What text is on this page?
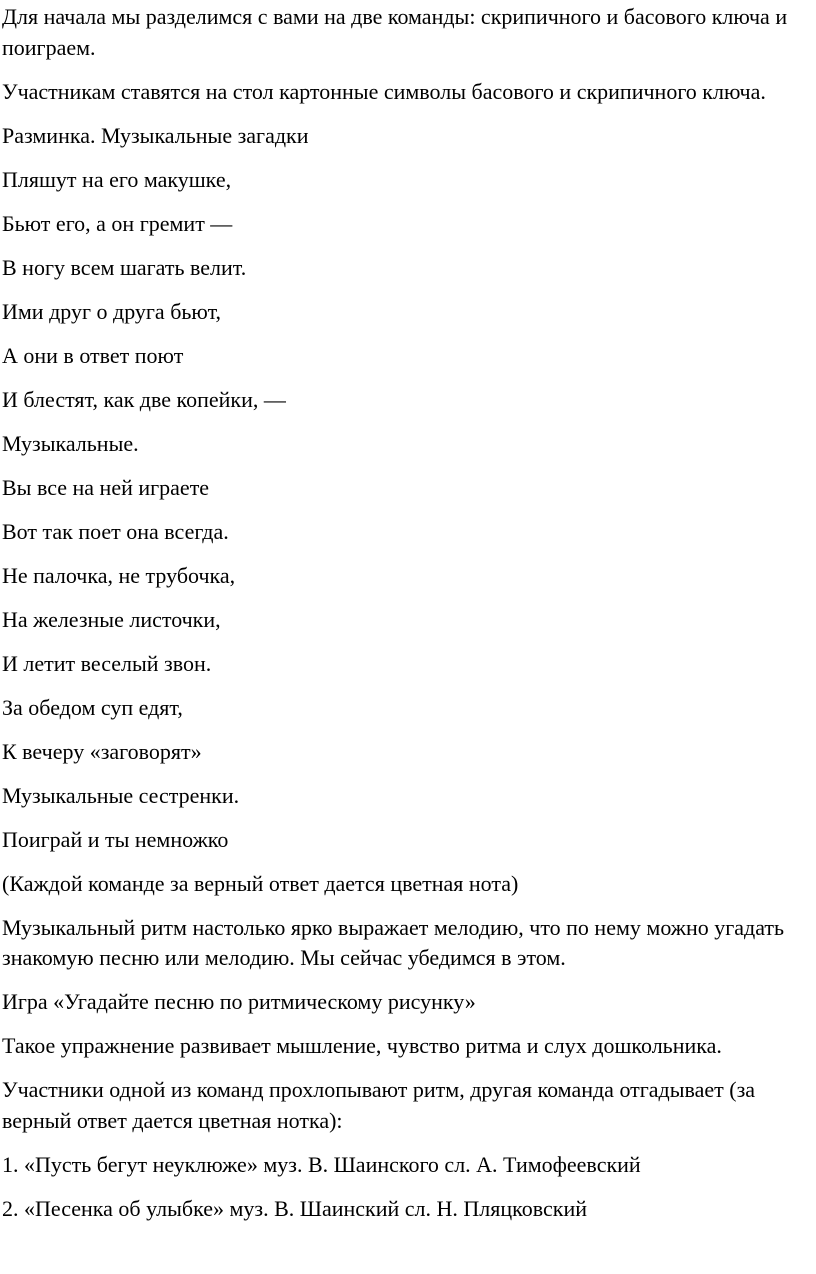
Для начала мы разделимся с вами на две команды: скрипичного и басового ключа и поиграем.

Участникам ставятся на стол картонные символы басового и скрипичного ключа.

Разминка. Музыкальные загадки

Пляшут на его макушке,

Бьют его, а он гремит —

В ногу всем шагать велит.

Ими друг о друга бьют,

А они в ответ поют

И блестят, как две копейки, —

Музыкальные.

Вы все на ней играете

Вот так поет она всегда.

Не палочка, не трубочка,

На железные листочки,

И летит веселый звон.

За обедом суп едят,

К вечеру «заговорят»

Музыкальные сестренки.

Поиграй и ты немножко

(Каждой команде за верный ответ дается цветная нота)

Музыкальный ритм настолько ярко выражает мелодию, что по нему можно угадать знакомую песню или мелодию. Мы сейчас убедимся в этом.

Игра «Угадайте песню по ритмическому рисунку»

Такое упражнение развивает мышление, чувство ритма и слух дошкольника.

Участники одной из команд прохлопывают ритм, другая команда отгадывает (за верный ответ дается цветная нотка):

1. «Пусть бегут неуклюже» муз. В. Шаинского сл. А. Тимофеевский

2. «Песенка об улыбке» муз. В. Шаинский сл. Н. Пляцковский
